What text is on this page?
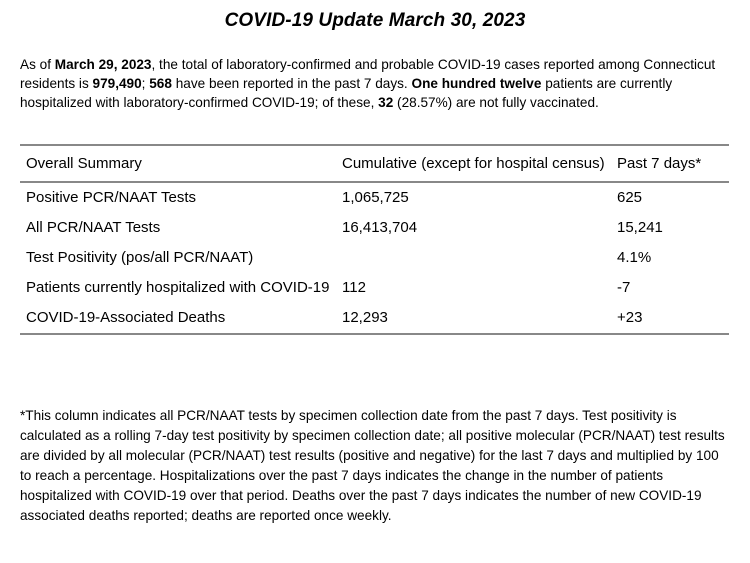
COVID-19 Update March 30, 2023
As of March 29, 2023, the total of laboratory-confirmed and probable COVID-19 cases reported among Connecticut residents is 979,490; 568 have been reported in the past 7 days. One hundred twelve patients are currently hospitalized with laboratory-confirmed COVID-19; of these, 32 (28.57%) are not fully vaccinated.
Overall Summary	Cumulative (except for hospital census)	Past 7 days*
Positive PCR/NAAT Tests	1,065,725	625
All PCR/NAAT Tests	16,413,704	15,241
Test Positivity (pos/all PCR/NAAT)		4.1%
Patients currently hospitalized with COVID-19	112	-7
COVID-19-Associated Deaths	12,293	+23
*This column indicates all PCR/NAAT tests by specimen collection date from the past 7 days. Test positivity is calculated as a rolling 7-day test positivity by specimen collection date; all positive molecular (PCR/NAAT) test results are divided by all molecular (PCR/NAAT) test results (positive and negative) for the last 7 days and multiplied by 100 to reach a percentage. Hospitalizations over the past 7 days indicates the change in the number of patients hospitalized with COVID-19 over that period. Deaths over the past 7 days indicates the number of new COVID-19 associated deaths reported; deaths are reported once weekly.
